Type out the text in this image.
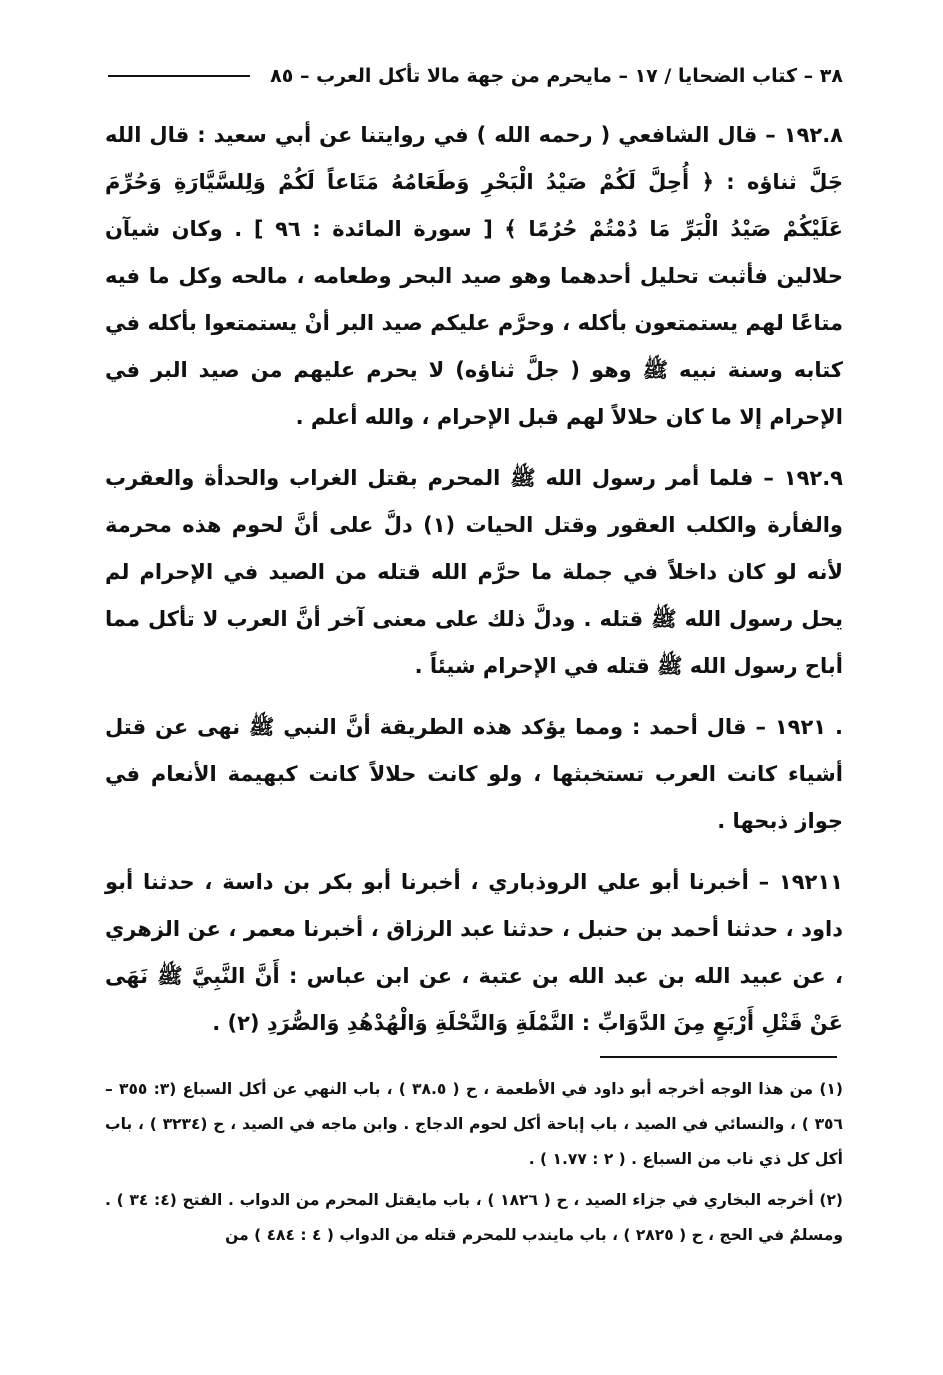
٣٨ – كتاب الضحايا / ١٧ – مايحرم من جهة مالا تأكل العرب – ٨٥

١٩٢.٨ – قال الشافعي ( رحمه الله ) في روايتنا عن أبي سعيد : قال الله جَلَّ ثناؤه : ﴿ أُحِلَّ لَكُمْ صَيْدُ الْبَحْرِ وَطَعَامُهُ مَتَاعاً لَكُمْ وَلِلسَّيَّارَةِ وَحُرِّمَ عَلَيْكُمْ صَيْدُ الْبَرِّ مَا دُمْتُمْ حُرُمًا ﴾ [ سورة المائدة : ٩٦ ] . وكان شيآن حلالين فأثبت تحليل أحدهما وهو صيد البحر وطعامه ، مالحه وكل ما فيه متاعًا لهم يستمتعون بأكله ، وحرَّم عليكم صيد البر أنْ يستمتعوا بأكله في كتابه وسنة نبيه ﷺ وهو ( جلَّ ثناؤه) لا يحرم عليهم من صيد البر في الإحرام إلا ما كان حلالاً لهم قبل الإحرام ، والله أعلم .

١٩٢.٩ – فلما أمر رسول الله ﷺ المحرم بقتل الغراب والحدأة والعقرب والفأرة والكلب العقور وقتل الحيات (١) دلَّ على أنَّ لحوم هذه محرمة لأنه لو كان داخلاً في جملة ما حرَّم الله قتله من الصيد في الإحرام لم يحل رسول الله ﷺ قتله . ودلَّ ذلك على معنى آخر أنَّ العرب لا تأكل مما أباح رسول الله ﷺ قتله في الإحرام شيئاً .

. ١٩٢١ – قال أحمد : ومما يؤكد هذه الطريقة أنَّ النبي ﷺ نهى عن قتل أشياء كانت العرب تستخبثها ، ولو كانت حلالاً كانت كبهيمة الأنعام في جواز ذبحها .

١٩٢١١ – أخبرنا أبو علي الروذباري ، أخبرنا أبو بكر بن داسة ، حدثنا أبو داود ، حدثنا أحمد بن حنبل ، حدثنا عبد الرزاق ، أخبرنا معمر ، عن الزهري ، عن عبيد الله بن عبد الله بن عتبة ، عن ابن عباس : أَنَّ النَّبِيَّ ﷺ نَهَى عَنْ قَتْلِ أَرْبَعٍ مِنَ الدَّوَابِّ : النَّمْلَةِ وَالنَّحْلَةِ وَالْهُدْهُدِ وَالصُّرَدِ (٢) .

(١) من هذا الوجه أخرجه أبو داود في الأطعمة ، ح ( ٣٨.٥ ) ، باب النهي عن أكل السباع (٣: ٣٥٥ – ٣٥٦ ) ، والنسائي في الصيد ، باب إباحة أكل لحوم الدجاج . وابن ماجه في الصيد ، ح (٣٢٣٤ ) ، باب أكل كل ذي ناب من السباع . ( ٢ : ١.٧٧ ) .

(٢) أخرجه البخاري في جزاء الصيد ، ح ( ١٨٢٦ ) ، باب مايقتل المحرم من الدواب . الفتح (٤: ٣٤ ) . ومسلمٌ في الحج ، ح ( ٢٨٢٥ ) ، باب مايندب للمحرم قتله من الدواب ( ٤ : ٤٨٤ ) من
